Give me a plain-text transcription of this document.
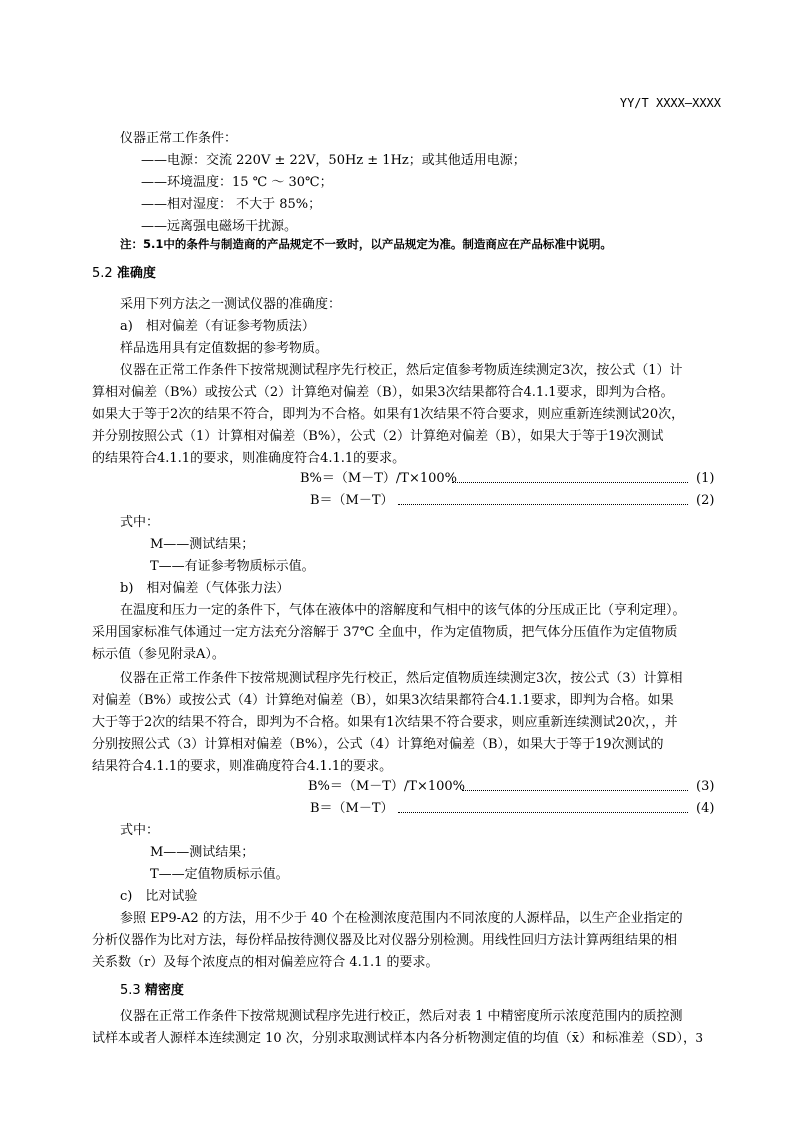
YY/T XXXX—XXXX
仪器正常工作条件：
——电源：交流 220V ± 22V，50Hz ± 1Hz；或其他适用电源；
——环境温度：15 ℃ ～ 30℃；
——相对湿度： 不大于 85%；
——远离强电磁场干扰源。
注：5.1中的条件与制造商的产品规定不一致时，以产品规定为准。制造商应在产品标准中说明。
5.2 准确度
采用下列方法之一测试仪器的准确度：
a)　相对偏差（有证参考物质法）
样品选用具有定值数据的参考物质。
仪器在正常工作条件下按常规测试程序先行校正，然后定值参考物质连续测定3次，按公式（1）计
算相对偏差（B%）或按公式（2）计算绝对偏差（B），如果3次结果都符合4.1.1要求，即判为合格。
如果大于等于2次的结果不符合，即判为不合格。如果有1次结果不符合要求，则应重新连续测试20次，
并分别按照公式（1）计算相对偏差（B%），公式（2）计算绝对偏差（B），如果大于等于19次测试
的结果符合4.1.1的要求，则准确度符合4.1.1的要求。
B%＝（M－T）/T×100%	(1)
B＝（M－T）	(2)
式中：
M——测试结果；
T——有证参考物质标示值。
b)　相对偏差（气体张力法）
在温度和压力一定的条件下，气体在液体中的溶解度和气相中的该气体的分压成正比（亨利定理）。
采用国家标准气体通过一定方法充分溶解于 37℃ 全血中，作为定值物质，把气体分压值作为定值物质
标示值（参见附录A）。
仪器在正常工作条件下按常规测试程序先行校正，然后定值物质连续测定3次，按公式（3）计算相
对偏差（B%）或按公式（4）计算绝对偏差（B），如果3次结果都符合4.1.1要求，即判为合格。如果
大于等于2次的结果不符合，即判为不合格。如果有1次结果不符合要求，则应重新连续测试20次，，并
分别按照公式（3）计算相对偏差（B%），公式（4）计算绝对偏差（B），如果大于等于19次测试的
结果符合4.1.1的要求，则准确度符合4.1.1的要求。
B%＝（M－T）/T×100%	(3)
B＝（M－T）	(4)
式中：
M——测试结果；
T——定值物质标示值。
c)　比对试验
参照 EP9-A2 的方法，用不少于 40 个在检测浓度范围内不同浓度的人源样品，以生产企业指定的
分析仪器作为比对方法，每份样品按待测仪器及比对仪器分别检测。用线性回归方法计算两组结果的相
关系数（r）及每个浓度点的相对偏差应符合 4.1.1 的要求。
5.3 精密度
仪器在正常工作条件下按常规测试程序先进行校正，然后对表 1 中精密度所示浓度范围内的质控测
试样本或者人源样本连续测定 10 次，分别求取测试样本内各分析物测定值的均值（x̄）和标准差（SD）， 3
